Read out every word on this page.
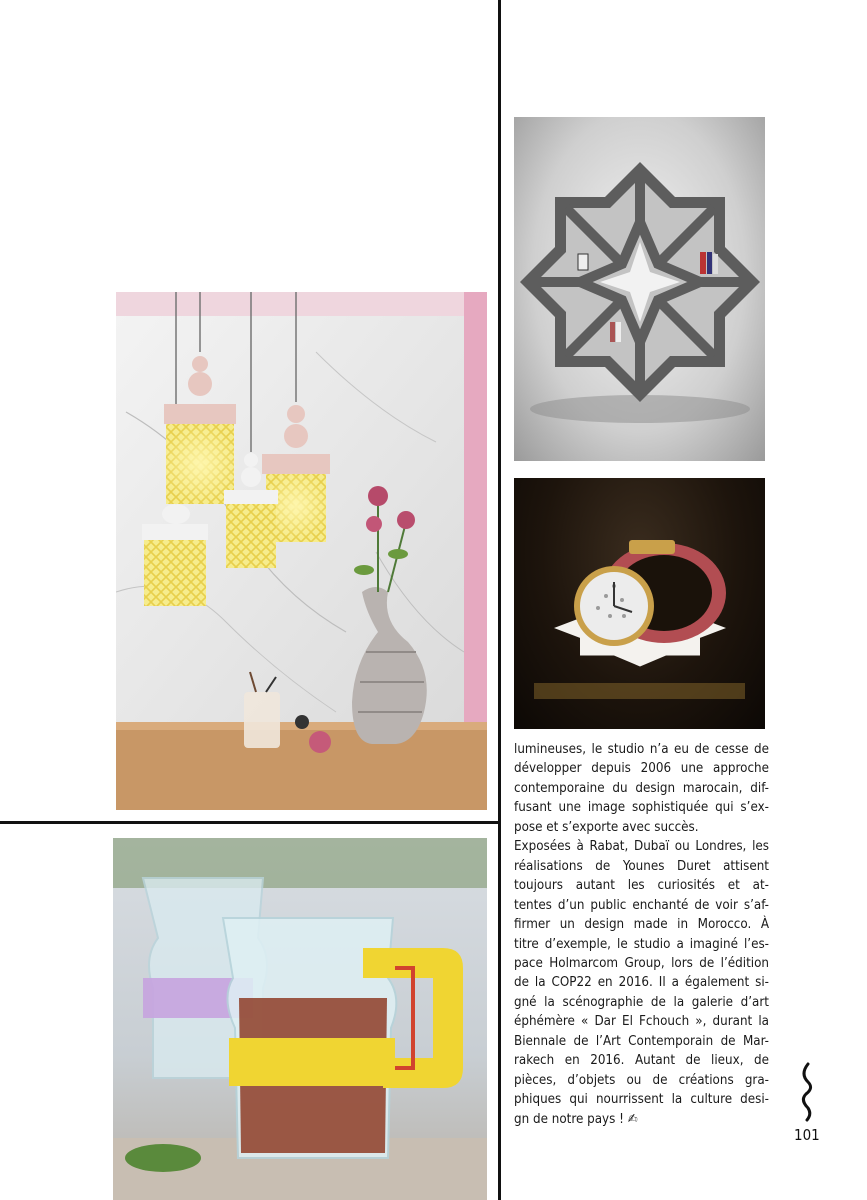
lumineuses, le studio n’a eu de cesse de
développer depuis 2006 une approche
contemporaine du design marocain, dif-
fusant une image sophistiquée qui s’ex-
pose et s’exporte avec succès.
Exposées à Rabat, Dubaï ou Londres, les
réalisations de Younes Duret attisent
toujours autant les curiosités et at-
tentes d’un public enchanté de voir s’af-
firmer un design made in Morocco. À
titre d’exemple, le studio a imaginé l’es-
pace Holmarcom Group, lors de l’édition
de la COP22 en 2016. Il a également si-
gné la scénographie de la galerie d’art
éphémère « Dar El Fchouch », durant la
Biennale de l’Art Contemporain de Mar-
rakech en 2016. Autant de lieux, de
pièces, d’objets ou de créations gra-
phiques qui nourrissent la culture desi-
gn de notre pays ! ✍

101
